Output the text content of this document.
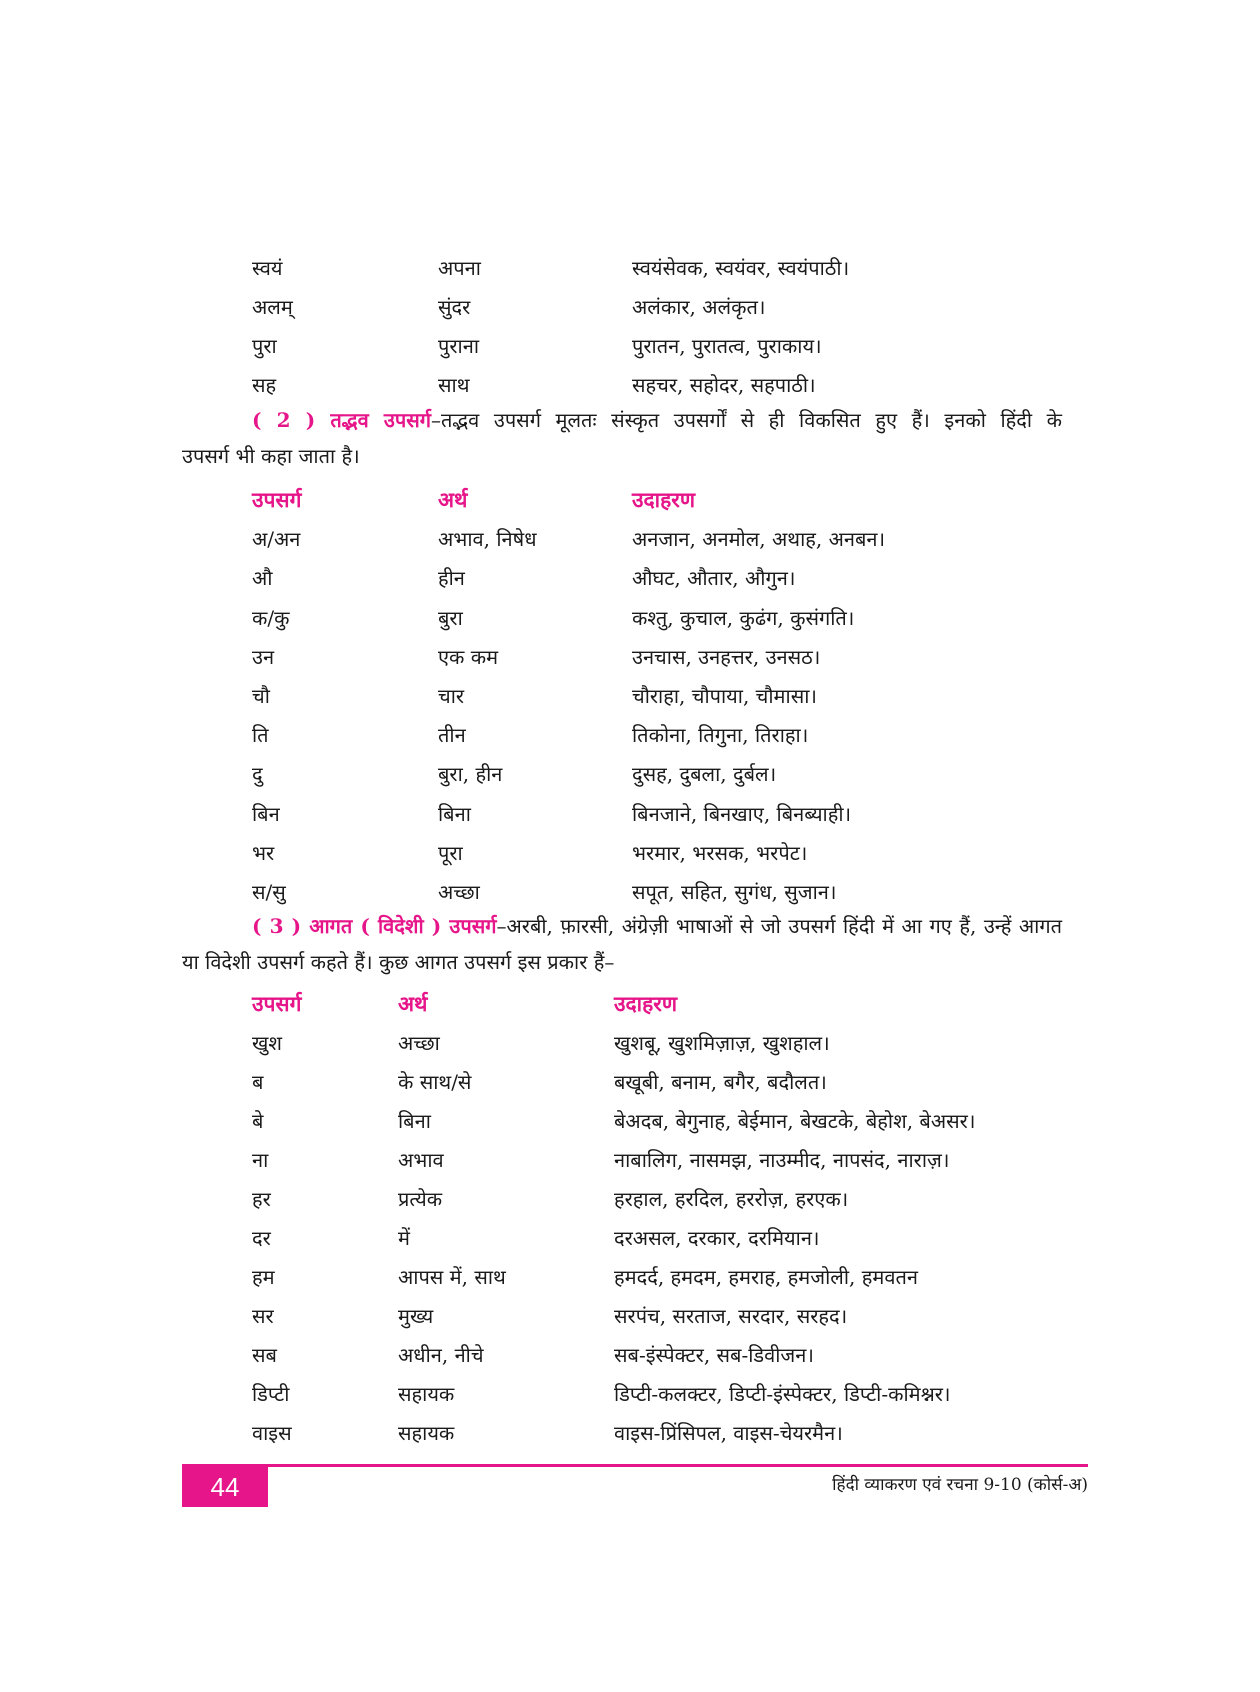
स्वयं	अपना	स्वयंसेवक, स्वयंवर, स्वयंपाठी।
अलम्	सुंदर	अलंकार, अलंकृत।
पुरा	पुराना	पुरातन, पुरातत्व, पुराकाय।
सह	साथ	सहचर, सहोदर, सहपाठी।
( 2 ) तद्भव उपसर्ग–तद्भव उपसर्ग मूलतः संस्कृत उपसर्गों से ही विकसित हुए हैं। इनको हिंदी के
उपसर्ग भी कहा जाता है।
उपसर्ग	अर्थ	उदाहरण
अ/अन	अभाव, निषेध	अनजान, अनमोल, अथाह, अनबन।
औ	हीन	औघट, औतार, औगुन।
क/कु	बुरा	कश्तु, कुचाल, कुढंग, कुसंगति।
उन	एक कम	उनचास, उनहत्तर, उनसठ।
चौ	चार	चौराहा, चौपाया, चौमासा।
ति	तीन	तिकोना, तिगुना, तिराहा।
दु	बुरा, हीन	दुसह, दुबला, दुर्बल।
बिन	बिना	बिनजाने, बिनखाए, बिनब्याही।
भर	पूरा	भरमार, भरसक, भरपेट।
स/सु	अच्छा	सपूत, सहित, सुगंध, सुजान।
( 3 ) आगत ( विदेशी ) उपसर्ग–अरबी, फ़ारसी, अंग्रेज़ी भाषाओं से जो उपसर्ग हिंदी में आ गए हैं, उन्हें आगत
या विदेशी उपसर्ग कहते हैं। कुछ आगत उपसर्ग इस प्रकार हैं–
उपसर्ग	अर्थ	उदाहरण
खुश	अच्छा	खुशबू, खुशमिज़ाज़, खुशहाल।
ब	के साथ/से	बखूबी, बनाम, बगैर, बदौलत।
बे	बिना	बेअदब, बेगुनाह, बेईमान, बेखटके, बेहोश, बेअसर।
ना	अभाव	नाबालिग, नासमझ, नाउम्मीद, नापसंद, नाराज़।
हर	प्रत्येक	हरहाल, हरदिल, हररोज़, हरएक।
दर	में	दरअसल, दरकार, दरमियान।
हम	आपस में, साथ	हमदर्द, हमदम, हमराह, हमजोली, हमवतन
सर	मुख्य	सरपंच, सरताज, सरदार, सरहद।
सब	अधीन, नीचे	सब-इंस्पेक्टर, सब-डिवीजन।
डिप्टी	सहायक	डिप्टी-कलक्टर, डिप्टी-इंस्पेक्टर, डिप्टी-कमिश्नर।
वाइस	सहायक	वाइस-प्रिंसिपल, वाइस-चेयरमैन।
44	हिंदी व्याकरण एवं रचना 9-10 (कोर्स-अ)
